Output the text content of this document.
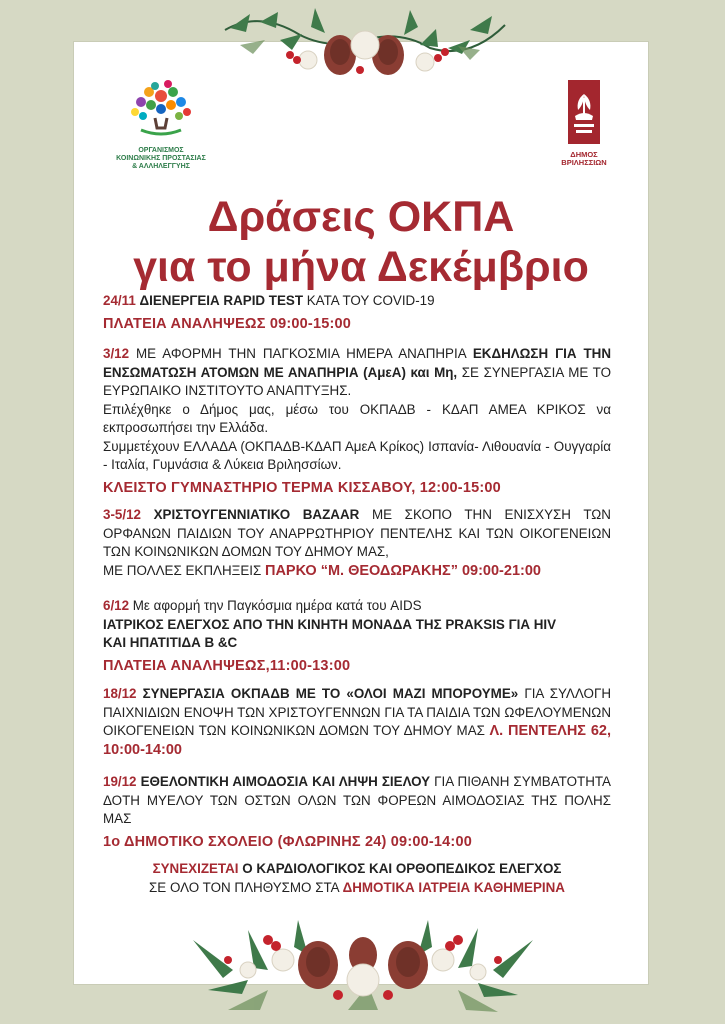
ΟΡΓΑΝΙΣΜΟΣ
ΚΟΙΝΩΝΙΚΗΣ ΠΡΟΣΤΑΣΙΑΣ
& ΑΛΛΗΛΕΓΓΥΗΣ
ΔΗΜΟΣ
ΒΡΙΛΗΣΣΙΩΝ
Δράσεις ΟΚΠΑ
για το μήνα Δεκέμβριο
24/11 ΔΙΕΝΕΡΓΕΙΑ RAPID TEST ΚΑΤΑ ΤΟΥ COVID-19
ΠΛΑΤΕΙΑ ΑΝΑΛΗΨΕΩΣ 09:00-15:00
3/12 ΜΕ ΑΦΟΡΜΗ ΤΗΝ ΠΑΓΚΟΣΜΙΑ ΗΜΕΡΑ ΑΝΑΠΗΡΙΑ ΕΚΔΗΛΩΣΗ ΓΙΑ ΤΗΝ ΕΝΣΩΜΑΤΩΣΗ ΑΤΟΜΩΝ ΜΕ ΑΝΑΠΗΡΙΑ (ΑμεΑ) και Μη, ΣΕ ΣΥΝΕΡΓΑΣΙΑ ΜΕ ΤΟ ΕΥΡΩΠΑΙΚΟ ΙΝΣΤΙΤΟΥΤΟ ΑΝΑΠΤΥΞΗΣ.
Επιλέχθηκε ο Δήμος μας, μέσω του ΟΚΠΑΔΒ - ΚΔΑΠ ΑΜΕΑ ΚΡΙΚΟΣ να εκπροσωπήσει την Ελλάδα.
Συμμετέχουν ΕΛΛΑΔΑ (ΟΚΠΑΔΒ-ΚΔΑΠ ΑμεΑ Κρίκος) Ισπανία- Λιθουανία - Ουγγαρία - Ιταλία, Γυμνάσια & Λύκεια Βριλησσίων.
ΚΛΕΙΣΤΟ ΓΥΜΝΑΣΤΗΡΙΟ ΤΕΡΜΑ ΚΙΣΣΑΒΟΥ, 12:00-15:00
3-5/12 ΧΡΙΣΤΟΥΓΕΝΝΙΑΤΙΚΟ BAZAAR ΜΕ ΣΚΟΠΟ ΤΗΝ ΕΝΙΣΧΥΣΗ ΤΩΝ ΟΡΦΑΝΩΝ ΠΑΙΔΙΩΝ ΤΟΥ ΑΝΑΡΡΩΤΗΡΙΟΥ ΠΕΝΤΕΛΗΣ ΚΑΙ ΤΩΝ ΟΙΚΟΓΕΝΕΙΩΝ ΤΩΝ ΚΟΙΝΩΝΙΚΩΝ ΔΟΜΩΝ ΤΟΥ ΔΗΜΟΥ ΜΑΣ,
ΜΕ ΠΟΛΛΕΣ ΕΚΠΛΗΞΕΙΣ ΠΑΡΚΟ “Μ. ΘΕΟΔΩΡΑΚΗΣ” 09:00-21:00
6/12 Με αφορμή την Παγκόσμια ημέρα κατά του AIDS
ΙΑΤΡΙΚΟΣ ΕΛΕΓΧΟΣ ΑΠΟ ΤΗΝ ΚΙΝΗΤΗ ΜΟΝΑΔΑ ΤΗΣ PRAKSIS ΓΙΑ HIV ΚΑΙ ΗΠΑΤΙΤΙΔΑ Β &C
ΠΛΑΤΕΙΑ ΑΝΑΛΗΨΕΩΣ,11:00-13:00
18/12 ΣΥΝΕΡΓΑΣΙΑ ΟΚΠΑΔΒ ΜΕ ΤΟ «ΟΛΟΙ ΜΑΖΙ ΜΠΟΡΟΥΜΕ» ΓΙΑ ΣΥΛΛΟΓΗ ΠΑΙΧΝΙΔΙΩΝ ΕΝΟΨΗ ΤΩΝ ΧΡΙΣΤΟΥΓΕΝΝΩΝ ΓΙΑ ΤΑ ΠΑΙΔΙΑ ΤΩΝ ΩΦΕΛΟΥΜΕΝΩΝ ΟΙΚΟΓΕΝΕΙΩΝ ΤΩΝ ΚΟΙΝΩΝΙΚΩΝ ΔΟΜΩΝ ΤΟΥ ΔΗΜΟΥ ΜΑΣ Λ. ΠΕΝΤΕΛΗΣ 62, 10:00-14:00
19/12 ΕΘΕΛΟΝΤΙΚΗ ΑΙΜΟΔΟΣΙΑ ΚΑΙ ΛΗΨΗ ΣΙΕΛΟΥ ΓΙΑ ΠΙΘΑΝΗ ΣΥΜΒΑΤΟΤΗΤΑ ΔΟΤΗ ΜΥΕΛΟΥ ΤΩΝ ΟΣΤΩΝ ΟΛΩΝ ΤΩΝ ΦΟΡΕΩΝ ΑΙΜΟΔΟΣΙΑΣ ΤΗΣ ΠΟΛΗΣ ΜΑΣ
1ο ΔΗΜΟΤΙΚΟ ΣΧΟΛΕΙΟ (ΦΛΩΡΙΝΗΣ 24) 09:00-14:00
ΣΥΝΕΧΙΖΕΤΑΙ Ο ΚΑΡΔΙΟΛΟΓΙΚΟΣ ΚΑΙ ΟΡΘΟΠΕΔΙΚΟΣ ΕΛΕΓΧΟΣ
ΣΕ ΟΛΟ ΤΟΝ ΠΛΗΘΥΣΜΟ ΣΤΑ ΔΗΜΟΤΙΚΑ ΙΑΤΡΕΙΑ ΚΑΘΗΜΕΡΙΝΑ
